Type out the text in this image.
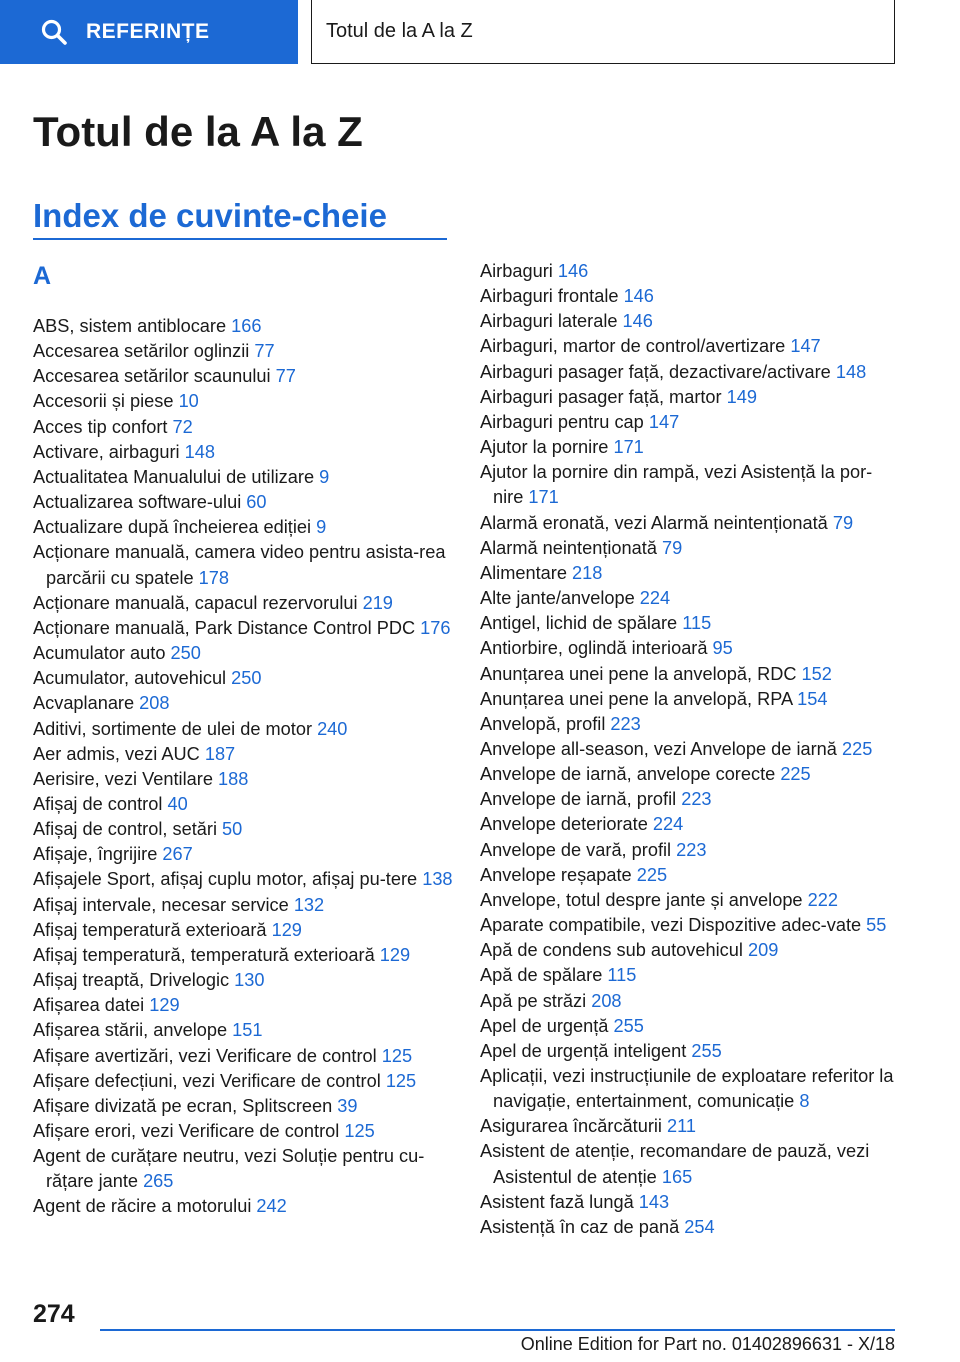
REFERINȚE	Totul de la A la Z
Totul de la A la Z
Index de cuvinte-cheie
A
ABS, sistem antiblocare 166
Accesarea setărilor oglinzii 77
Accesarea setărilor scaunului 77
Accesorii și piese 10
Acces tip confort 72
Activare, airbaguri 148
Actualitatea Manualului de utilizare 9
Actualizarea software-ului 60
Actualizare după încheierea ediției 9
Acționare manuală, camera video pentru asista-rea parcării cu spatele 178
Acționare manuală, capacul rezervorului 219
Acționare manuală, Park Distance Control PDC 176
Acumulator auto 250
Acumulator, autovehicul 250
Acvaplanare 208
Aditivi, sortimente de ulei de motor 240
Aer admis, vezi AUC 187
Aerisire, vezi Ventilare 188
Afișaj de control 40
Afișaj de control, setări 50
Afișaje, îngrijire 267
Afișajele Sport, afișaj cuplu motor, afișaj pu-tere 138
Afișaj intervale, necesar service 132
Afișaj temperatură exterioară 129
Afișaj temperatură, temperatură exterioară 129
Afișaj treaptă, Drivelogic 130
Afișarea datei 129
Afișarea stării, anvelope 151
Afișare avertizări, vezi Verificare de control 125
Afișare defecțiuni, vezi Verificare de control 125
Afișare divizată pe ecran, Splitscreen 39
Afișare erori, vezi Verificare de control 125
Agent de curățare neutru, vezi Soluție pentru cu-rățare jante 265
Agent de răcire a motorului 242
Airbaguri 146
Airbaguri frontale 146
Airbaguri laterale 146
Airbaguri, martor de control/avertizare 147
Airbaguri pasager față, dezactivare/activare 148
Airbaguri pasager față, martor 149
Airbaguri pentru cap 147
Ajutor la pornire 171
Ajutor la pornire din rampă, vezi Asistență la por-nire 171
Alarmă eronată, vezi Alarmă neintenționată 79
Alarmă neintenționată 79
Alimentare 218
Alte jante/anvelope 224
Antigel, lichid de spălare 115
Antiorbire, oglindă interioară 95
Anunțarea unei pene la anvelopă, RDC 152
Anunțarea unei pene la anvelopă, RPA 154
Anvelopă, profil 223
Anvelope all-season, vezi Anvelope de iarnă 225
Anvelope de iarnă, anvelope corecte 225
Anvelope de iarnă, profil 223
Anvelope deteriorate 224
Anvelope de vară, profil 223
Anvelope reșapate 225
Anvelope, totul despre jante și anvelope 222
Aparate compatibile, vezi Dispozitive adec-vate 55
Apă de condens sub autovehicul 209
Apă de spălare 115
Apă pe străzi 208
Apel de urgență 255
Apel de urgență inteligent 255
Aplicații, vezi instrucțiunile de exploatare referitor la navigație, entertainment, comunicație 8
Asigurarea încărcăturii 211
Asistent de atenție, recomandare de pauză, vezi Asistentul de atenție 165
Asistent fază lungă 143
Asistență în caz de pană 254
274
Online Edition for Part no. 01402896631 - X/18
